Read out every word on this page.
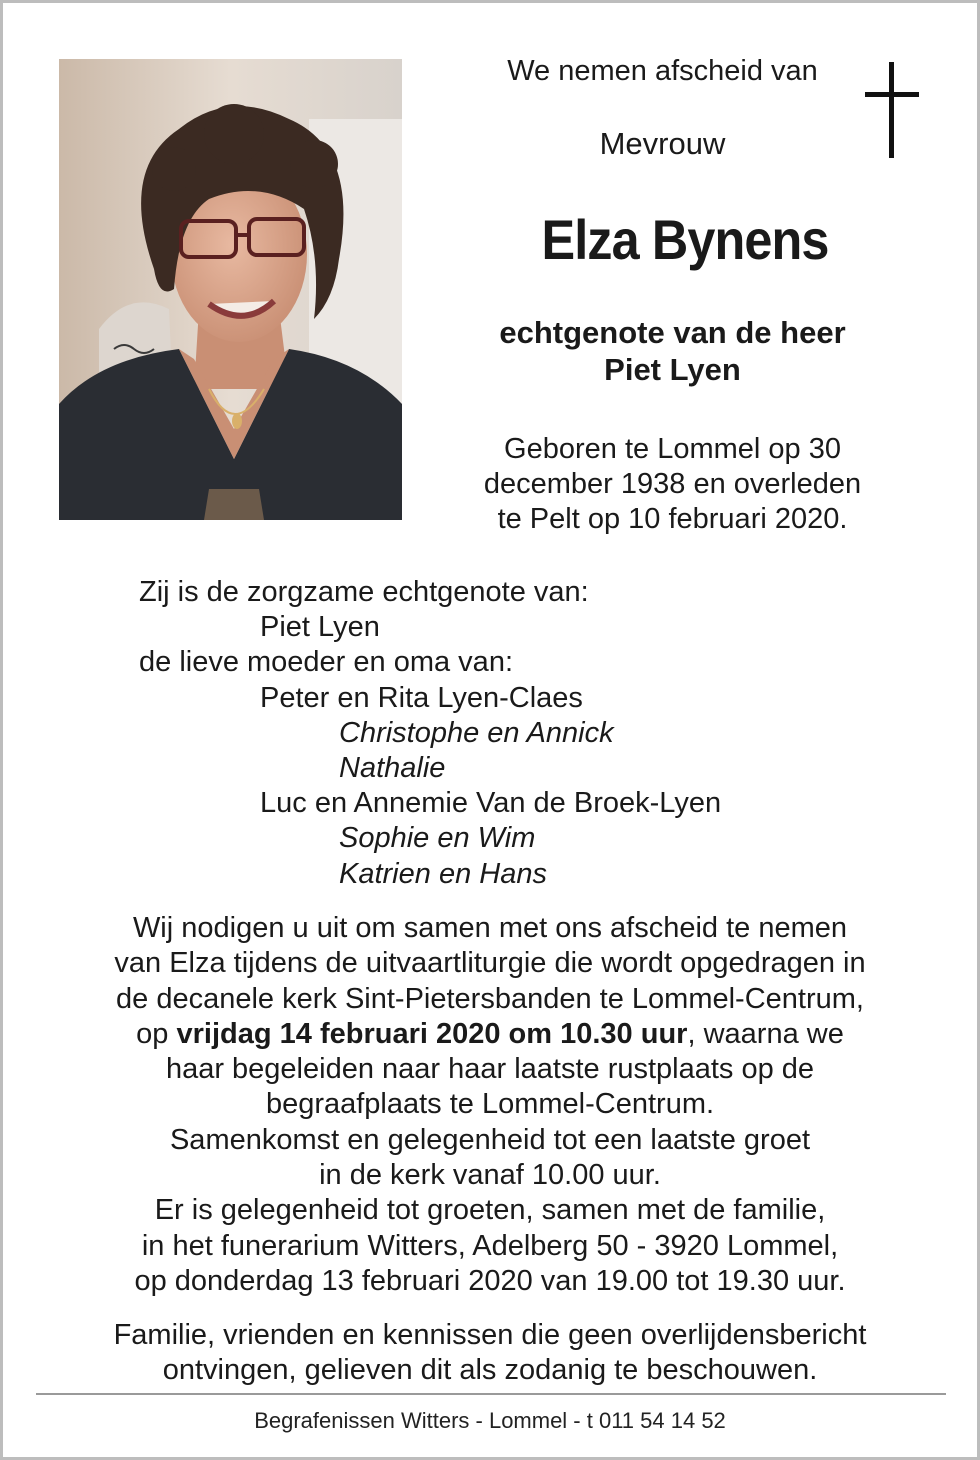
We nemen afscheid van
Mevrouw
Elza Bynens
echtgenote van de heer
Piet Lyen
Geboren te Lommel op 30
december 1938 en overleden
te Pelt op 10 februari 2020.
Zij is de zorgzame echtgenote van:
Piet Lyen
de lieve moeder en oma van:
Peter en Rita Lyen-Claes
Christophe en Annick
Nathalie
Luc en Annemie Van de Broek-Lyen
Sophie en Wim
Katrien en Hans
Wij nodigen u uit om samen met ons afscheid te nemen
van Elza tijdens de uitvaartliturgie die wordt opgedragen in
de decanele kerk Sint-Pietersbanden te Lommel-Centrum,
op vrijdag 14 februari 2020 om 10.30 uur, waarna we
haar begeleiden naar haar laatste rustplaats op de
begraafplaats te Lommel-Centrum.
Samenkomst en gelegenheid tot een laatste groet
in de kerk vanaf 10.00 uur.
Er is gelegenheid tot groeten, samen met de familie,
in het funerarium Witters, Adelberg 50 - 3920 Lommel,
op donderdag 13 februari 2020 van 19.00 tot 19.30 uur.
Familie, vrienden en kennissen die geen overlijdensbericht
ontvingen, gelieven dit als zodanig te beschouwen.
Begrafenissen Witters - Lommel - t 011 54 14 52
